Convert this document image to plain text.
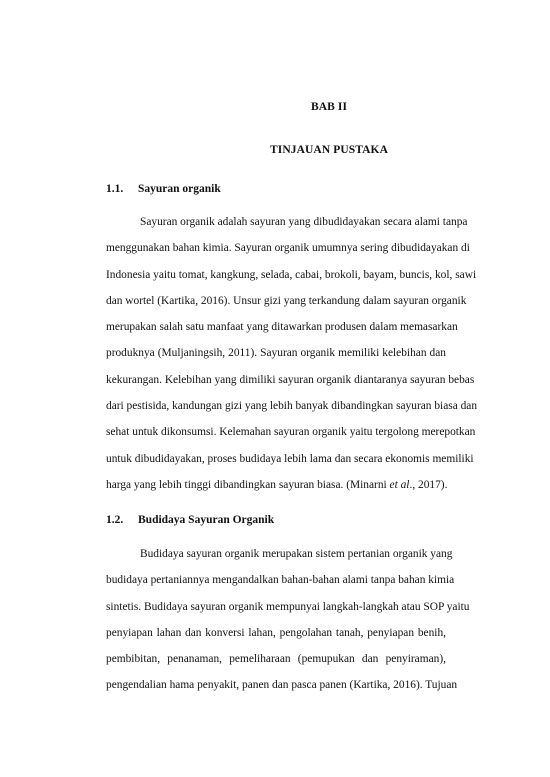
BAB II

TINJAUAN PUSTAKA

1.1. Sayuran organik

Sayuran organik adalah sayuran yang dibudidayakan secara alami tanpa
menggunakan bahan kimia. Sayuran organik umumnya sering dibudidayakan di
Indonesia yaitu tomat, kangkung, selada, cabai, brokoli, bayam, buncis, kol, sawi
dan wortel (Kartika, 2016). Unsur gizi yang terkandung dalam sayuran organik
merupakan salah satu manfaat yang ditawarkan produsen dalam memasarkan
produknya (Muljaningsih, 2011). Sayuran organik memiliki kelebihan dan
kekurangan. Kelebihan yang dimiliki sayuran organik diantaranya sayuran bebas
dari pestisida, kandungan gizi yang lebih banyak dibandingkan sayuran biasa dan
sehat untuk dikonsumsi. Kelemahan sayuran organik yaitu tergolong merepotkan
untuk dibudidayakan, proses budidaya lebih lama dan secara ekonomis memiliki
harga yang lebih tinggi dibandingkan sayuran biasa. (Minarni et al., 2017).

1.2. Budidaya Sayuran Organik

Budidaya sayuran organik merupakan sistem pertanian organik yang
budidaya pertaniannya mengandalkan bahan-bahan alami tanpa bahan kimia
sintetis. Budidaya sayuran organik mempunyai langkah-langkah atau SOP yaitu
penyiapan lahan dan konversi lahan, pengolahan tanah, penyiapan benih,
pembibitan, penanaman, pemeliharaan (pemupukan dan penyiraman),
pengendalian hama penyakit, panen dan pasca panen (Kartika, 2016). Tujuan
